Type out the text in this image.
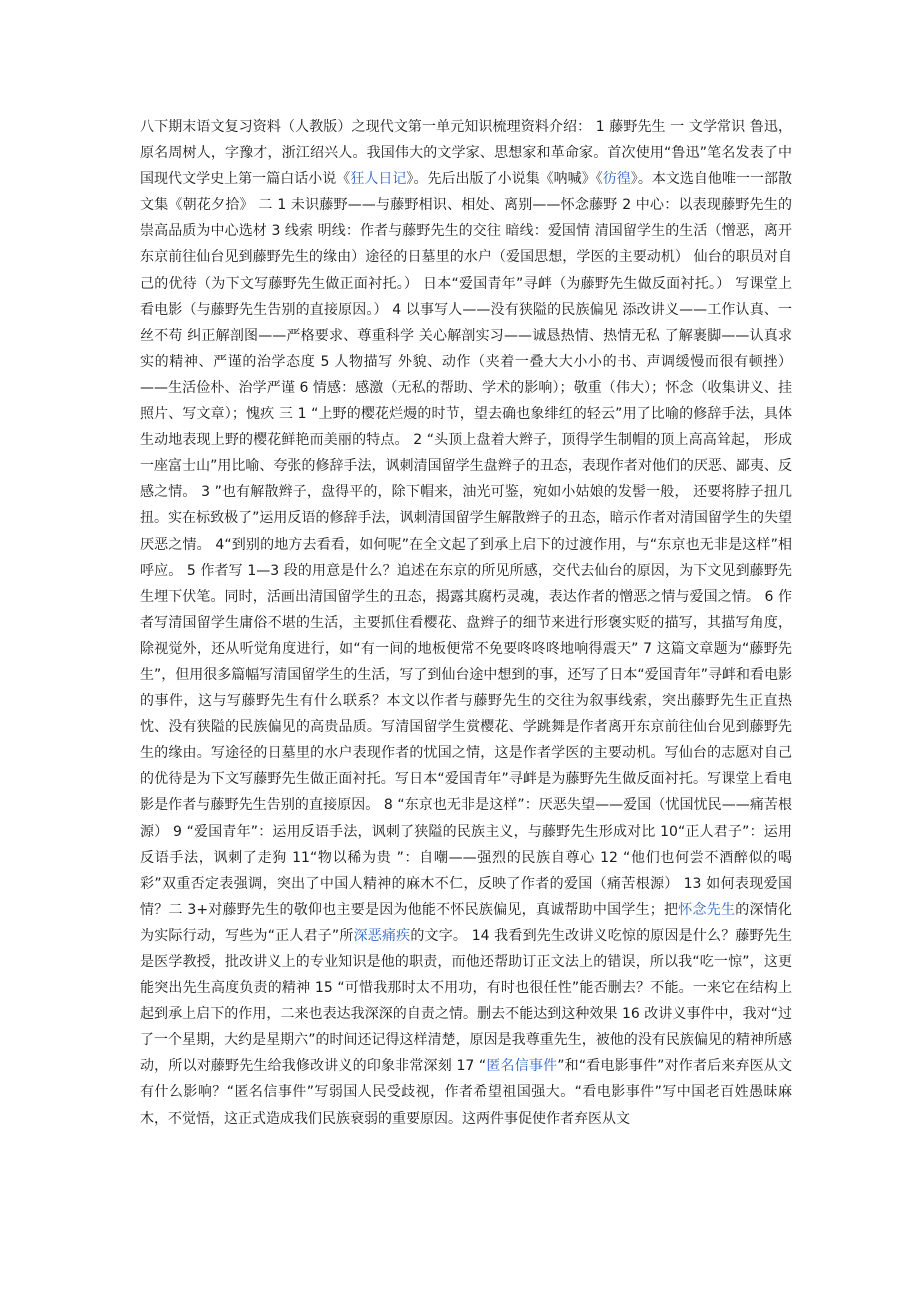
八下期末语文复习资料（人教版）之现代文第一单元知识梳理资料介绍： 1 藤野先生 一 文学常识 鲁迅，原名周树人，字豫才，浙江绍兴人。我国伟大的文学家、思想家和革命家。首次使用“鲁迅”笔名发表了中国现代文学史上第一篇白话小说《狂人日记》。先后出版了小说集《呐喊》《彷徨》。本文选自他唯一一部散文集《朝花夕拾》 二 1 未识藤野——与藤野相识、相处、离别——怀念藤野 2 中心：以表现藤野先生的崇高品质为中心选材 3 线索 明线：作者与藤野先生的交往 暗线：爱国情 清国留学生的生活（憎恶，离开东京前往仙台见到藤野先生的缘由）途径的日墓里的水户（爱国思想，学医的主要动机） 仙台的职员对自己的优待（为下文写藤野先生做正面衬托。） 日本“爱国青年”寻衅（为藤野先生做反面衬托。） 写课堂上看电影（与藤野先生告别的直接原因。） 4 以事写人——没有狭隘的民族偏见 添改讲义——工作认真、一丝不苟 纠正解剖图——严格要求、尊重科学 关心解剖实习——诚恳热情、热情无私 了解裹脚——认真求实的精神、严谨的治学态度 5 人物描写 外貌、动作（夹着一叠大大小小的书、声调缓慢而很有顿挫）——生活俭朴、治学严谨 6 情感：感激（无私的帮助、学术的影响）；敬重（伟大）；怀念（收集讲义、挂照片、写文章）；愧疚 三 1 “上野的樱花烂熳的时节，望去确也象绯红的轻云”用了比喻的修辞手法，具体生动地表现上野的樱花鲜艳而美丽的特点。 2 “头顶上盘着大辫子，顶得学生制帽的顶上高高耸起， 形成一座富士山”用比喻、夸张的修辞手法，讽刺清国留学生盘辫子的丑态，表现作者对他们的厌恶、鄙夷、反感之情。 3 ”也有解散辫子，盘得平的，除下帽来，油光可鉴，宛如小姑娘的发髻一般， 还要将脖子扭几扭。实在标致极了”运用反语的修辞手法，讽刺清国留学生解散辫子的丑态，暗示作者对清国留学生的失望厌恶之情。 4“到别的地方去看看，如何呢”在全文起了到承上启下的过渡作用，与“东京也无非是这样”相呼应。 5 作者写 1—3 段的用意是什么？追述在东京的所见所感，交代去仙台的原因，为下文见到藤野先生埋下伏笔。同时，活画出清国留学生的丑态，揭露其腐朽灵魂，表达作者的憎恶之情与爱国之情。 6 作者写清国留学生庸俗不堪的生活，主要抓住看樱花、盘辫子的细节来进行形褒实贬的描写，其描写角度，除视觉外，还从听觉角度进行，如“有一间的地板便常不免要咚咚咚地响得震天” 7 这篇文章题为“藤野先生”，但用很多篇幅写清国留学生的生活，写了到仙台途中想到的事，还写了日本“爱国青年”寻衅和看电影的事件，这与写藤野先生有什么联系？本文以作者与藤野先生的交往为叙事线索，突出藤野先生正直热忱、没有狭隘的民族偏见的高贵品质。写清国留学生赏樱花、学跳舞是作者离开东京前往仙台见到藤野先生的缘由。写途径的日墓里的水户表现作者的忧国之情，这是作者学医的主要动机。写仙台的志愿对自己的优待是为下文写藤野先生做正面衬托。写日本“爱国青年”寻衅是为藤野先生做反面衬托。写课堂上看电影是作者与藤野先生告别的直接原因。 8 “东京也无非是这样”：厌恶失望——爱国（忧国忧民——痛苦根源） 9 “爱国青年”：运用反语手法，讽刺了狭隘的民族主义，与藤野先生形成对比 10“正人君子”：运用反语手法，讽刺了走狗 11“物以稀为贵 ”：自嘲——强烈的民族自尊心 12 “他们也何尝不酒醉似的喝彩”双重否定表强调，突出了中国人精神的麻木不仁，反映了作者的爱国（痛苦根源） 13 如何表现爱国情？二 3+对藤野先生的敬仰也主要是因为他能不怀民族偏见，真诚帮助中国学生；把怀念先生的深情化为实际行动，写些为“正人君子”所深恶痛疾的文字。 14 我看到先生改讲义吃惊的原因是什么？藤野先生是医学教授，批改讲义上的专业知识是他的职责，而他还帮助订正文法上的错误，所以我“吃一惊”，这更能突出先生高度负责的精神 15 “可惜我那时太不用功，有时也很任性”能否删去？不能。一来它在结构上起到承上启下的作用，二来也表达我深深的自责之情。删去不能达到这种效果 16 改讲义事件中，我对“过了一个星期，大约是星期六”的时间还记得这样清楚，原因是我尊重先生，被他的没有民族偏见的精神所感动，所以对藤野先生给我修改讲义的印象非常深刻 17 “匿名信事件”和“看电影事件”对作者后来弃医从文有什么影响？“匿名信事件”写弱国人民受歧视，作者希望祖国强大。“看电影事件”写中国老百姓愚昧麻木，不觉悟，这正式造成我们民族衰弱的重要原因。这两件事促使作者弃医从文
